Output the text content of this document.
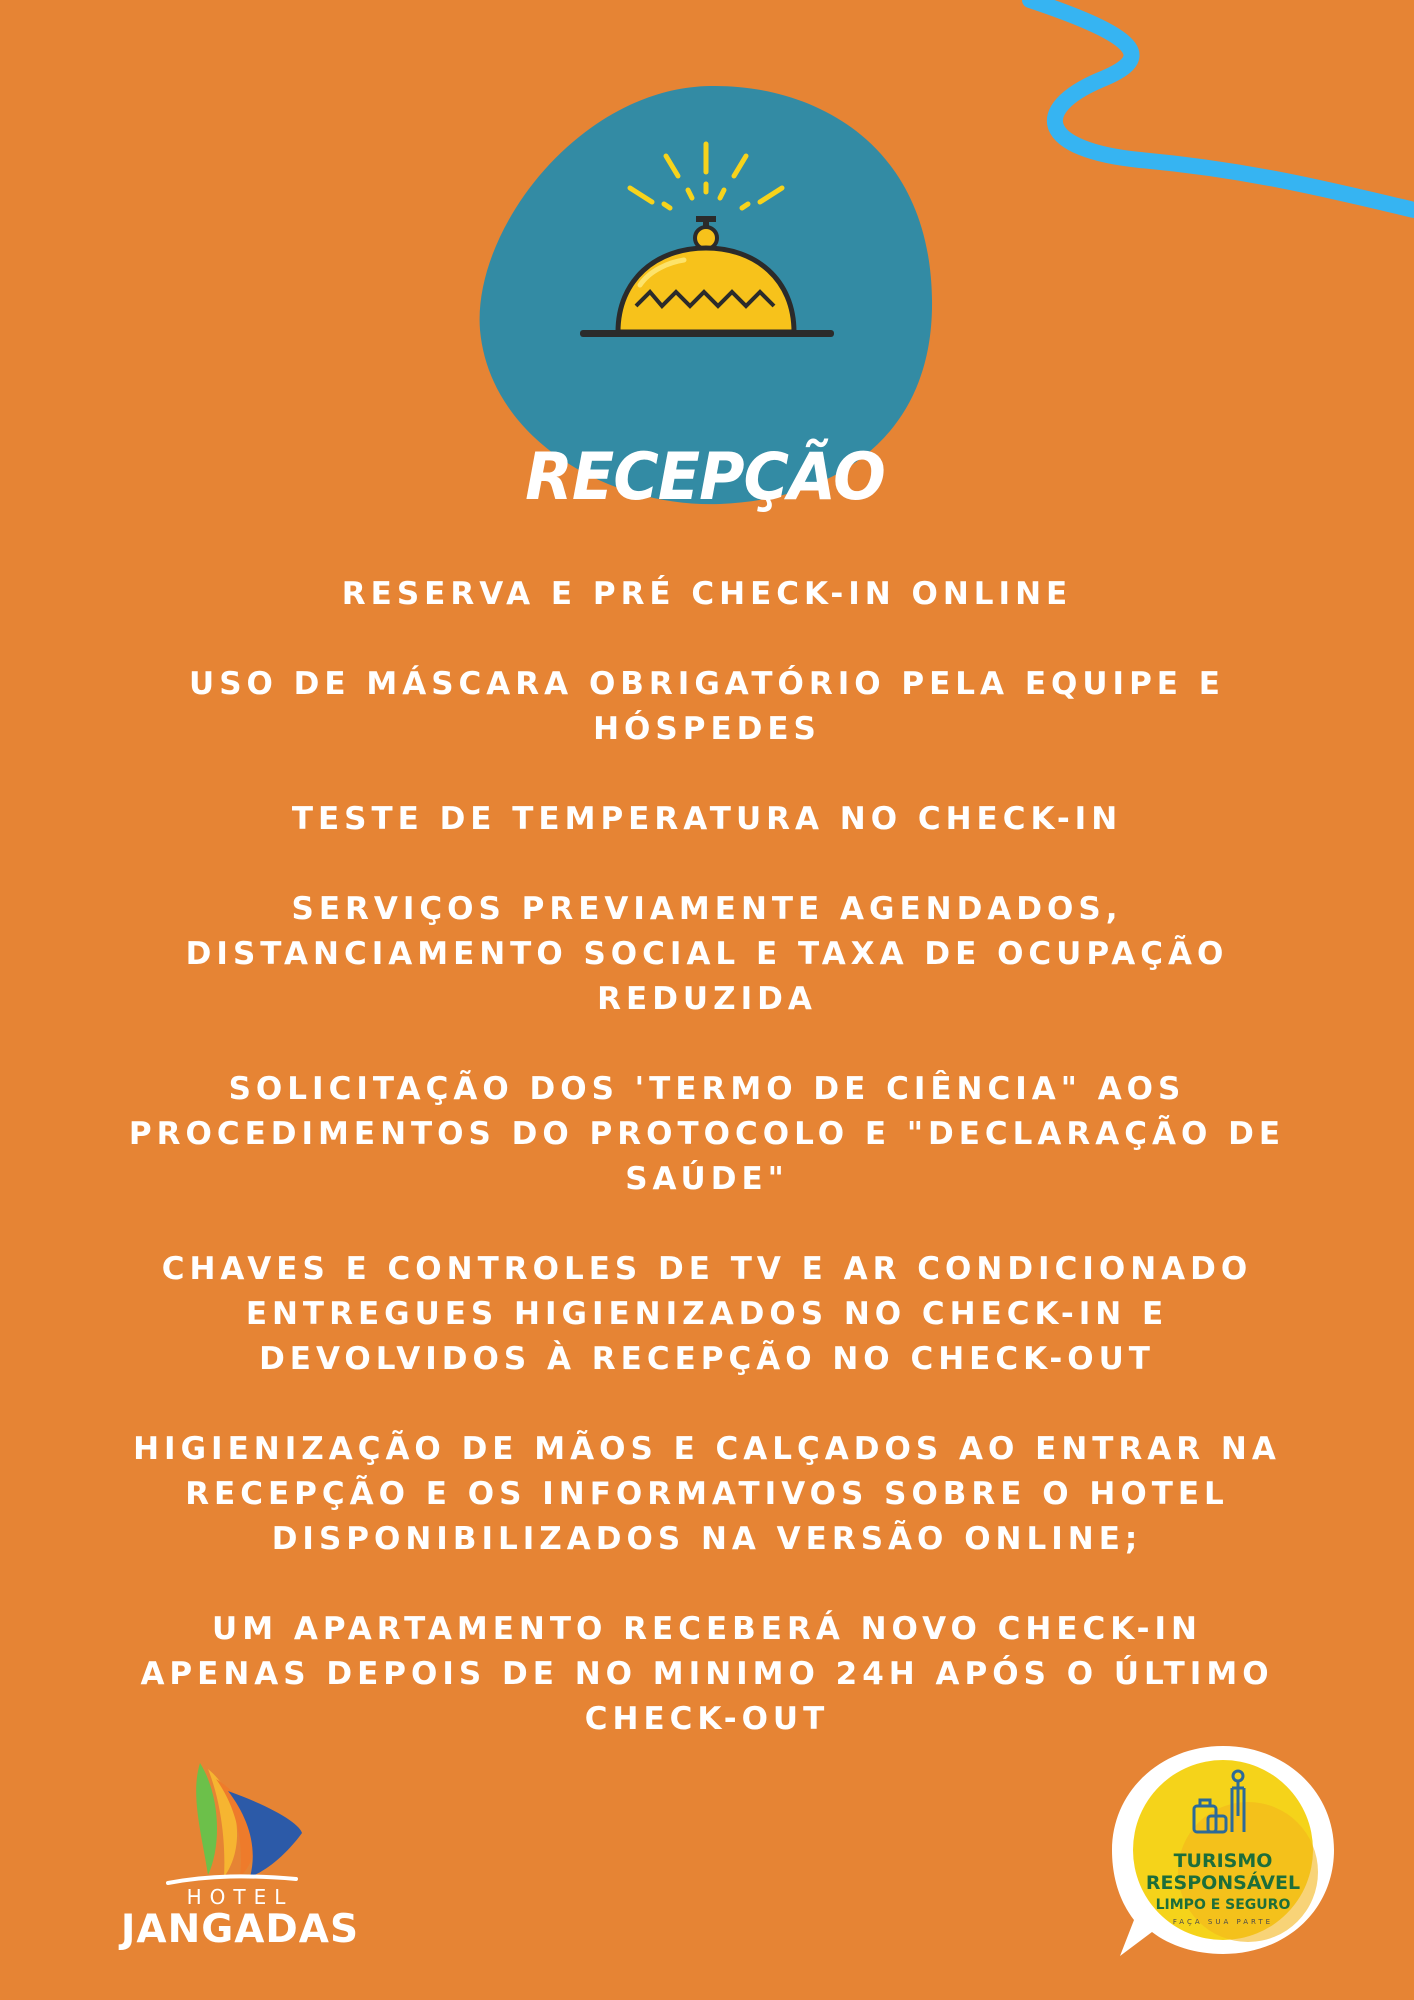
RECEPÇÃO
RESERVA E PRÉ CHECK-IN ONLINE
USO DE MÁSCARA OBRIGATÓRIO PELA EQUIPE E HÓSPEDES
TESTE DE TEMPERATURA NO CHECK-IN
SERVIÇOS PREVIAMENTE AGENDADOS, DISTANCIAMENTO SOCIAL E TAXA DE OCUPAÇÃO REDUZIDA
SOLICITAÇÃO DOS 'TERMO DE CIÊNCIA" AOS PROCEDIMENTOS DO PROTOCOLO E "DECLARAÇÃO DE SAÚDE"
CHAVES E CONTROLES DE TV E AR CONDICIONADO ENTREGUES HIGIENIZADOS NO CHECK-IN E DEVOLVIDOS À RECEPÇÃO NO CHECK-OUT
HIGIENIZAÇÃO DE MÃOS E CALÇADOS AO ENTRAR NA RECEPÇÃO E OS INFORMATIVOS SOBRE O HOTEL DISPONIBILIZADOS NA VERSÃO ONLINE;
UM APARTAMENTO RECEBERÁ NOVO CHECK-IN APENAS DEPOIS DE NO MINIMO 24H APÓS O ÚLTIMO CHECK-OUT
HOTEL
JANGADAS
TURISMO
RESPONSÁVEL
LIMPO E SEGURO
FAÇA SUA PARTE
